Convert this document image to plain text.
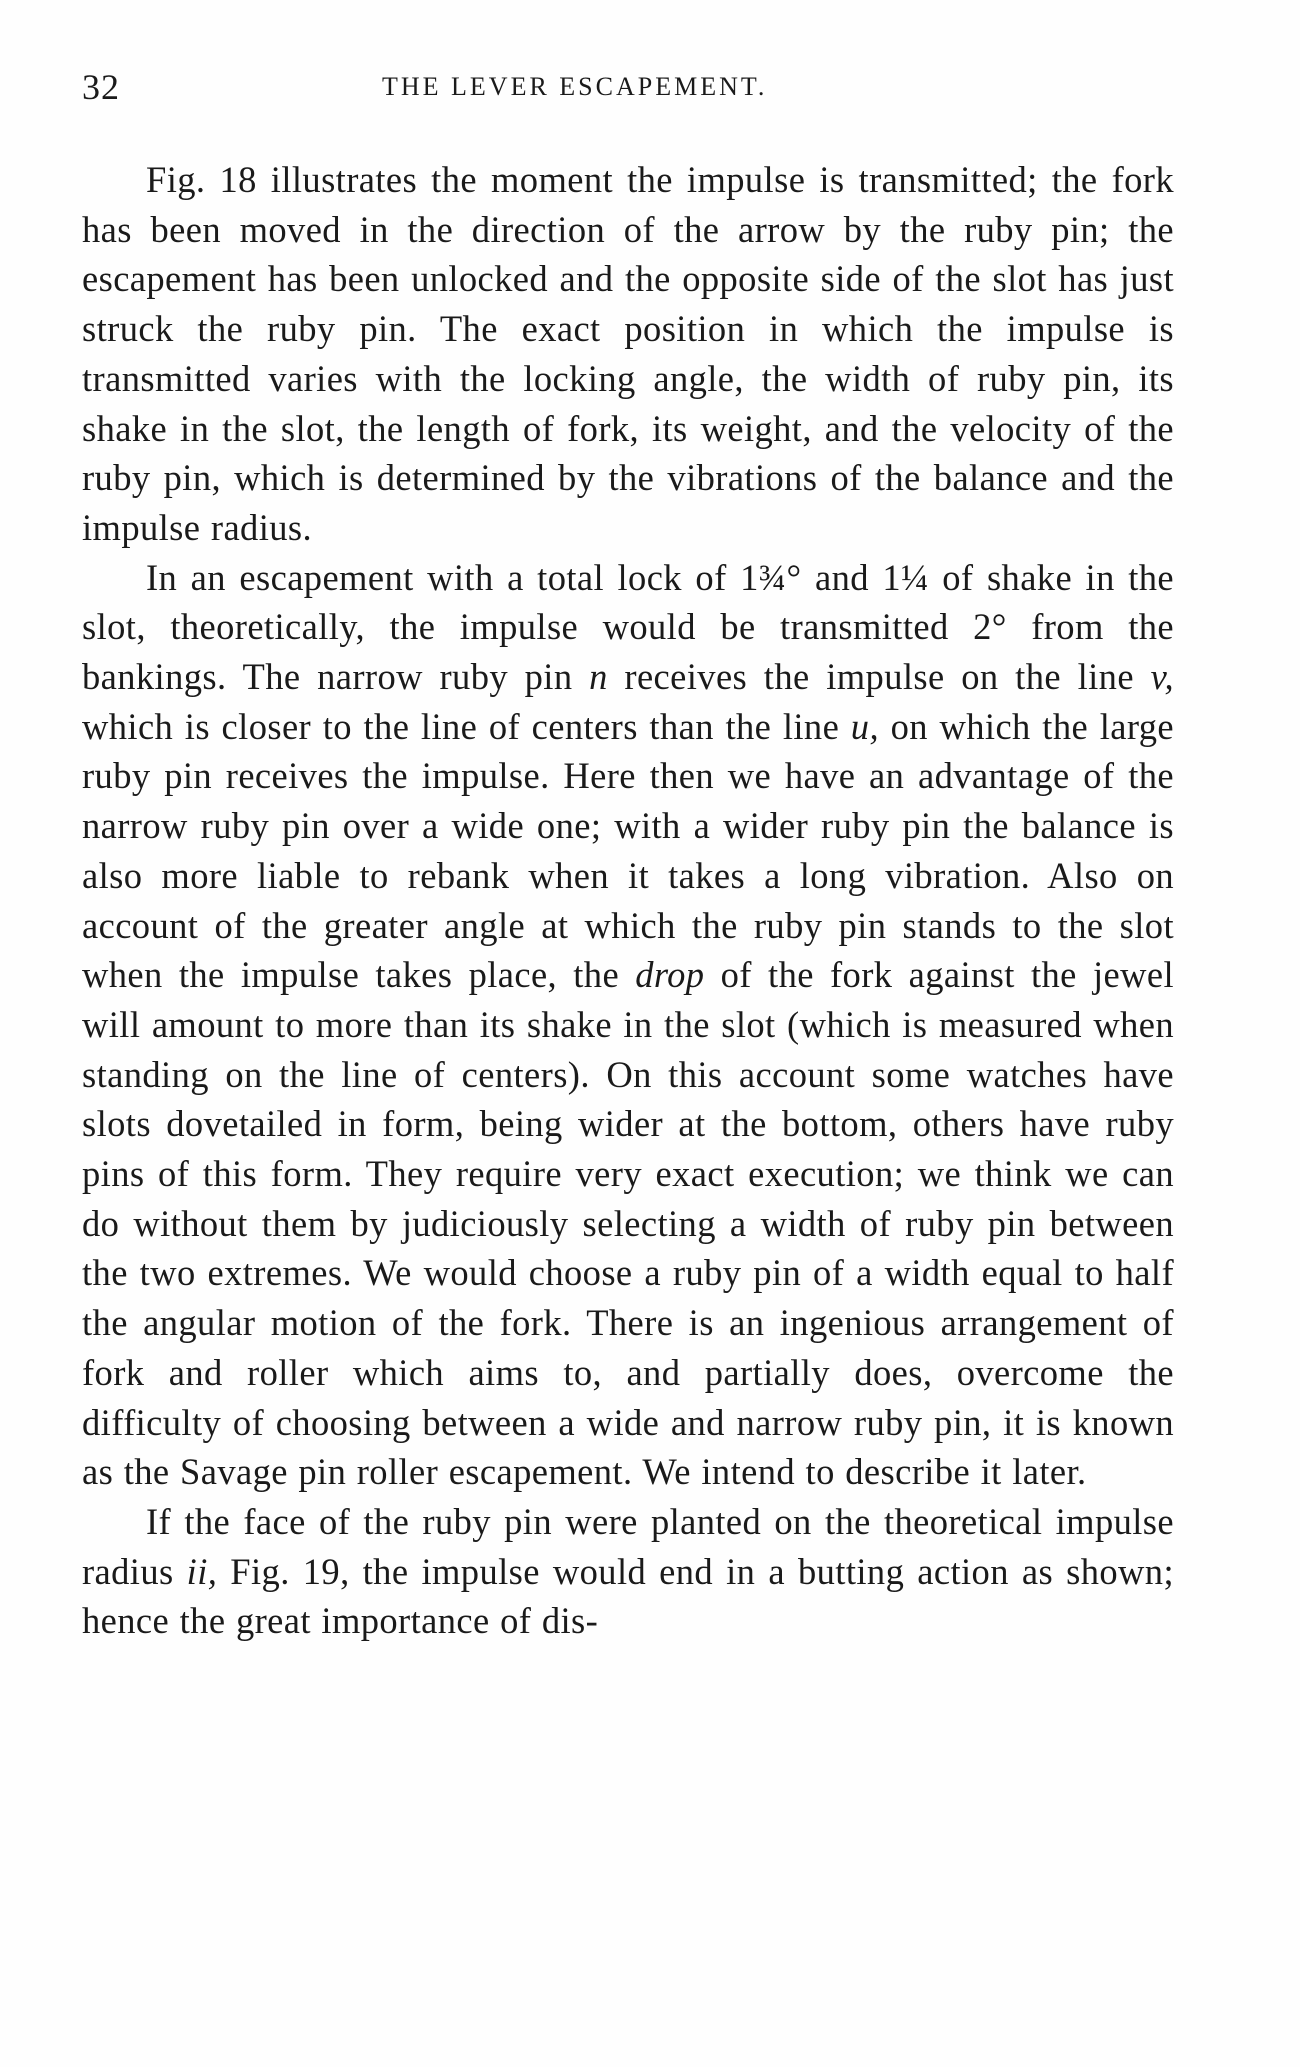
32	THE LEVER ESCAPEMENT.

Fig. 18 illustrates the moment the impulse is transmitted; the fork has been moved in the direction of the arrow by the ruby pin; the escapement has been unlocked and the opposite side of the slot has just struck the ruby pin. The exact position in which the impulse is transmitted varies with the locking angle, the width of ruby pin, its shake in the slot, the length of fork, its weight, and the velocity of the ruby pin, which is determined by the vibrations of the balance and the impulse radius.

In an escapement with a total lock of 1¾° and 1¼ of shake in the slot, theoretically, the impulse would be transmitted 2° from the bankings. The narrow ruby pin n receives the impulse on the line v, which is closer to the line of centers than the line u, on which the large ruby pin receives the impulse. Here then we have an advantage of the narrow ruby pin over a wide one; with a wider ruby pin the balance is also more liable to rebank when it takes a long vibration. Also on account of the greater angle at which the ruby pin stands to the slot when the impulse takes place, the drop of the fork against the jewel will amount to more than its shake in the slot (which is measured when standing on the line of centers). On this account some watches have slots dovetailed in form, being wider at the bottom, others have ruby pins of this form. They require very exact execution; we think we can do without them by judiciously selecting a width of ruby pin between the two extremes. We would choose a ruby pin of a width equal to half the angular motion of the fork. There is an ingenious arrangement of fork and roller which aims to, and partially does, overcome the difficulty of choosing between a wide and narrow ruby pin, it is known as the Savage pin roller escapement. We intend to describe it later.

If the face of the ruby pin were planted on the theoretical impulse radius ii, Fig. 19, the impulse would end in a butting action as shown; hence the great importance of dis-
